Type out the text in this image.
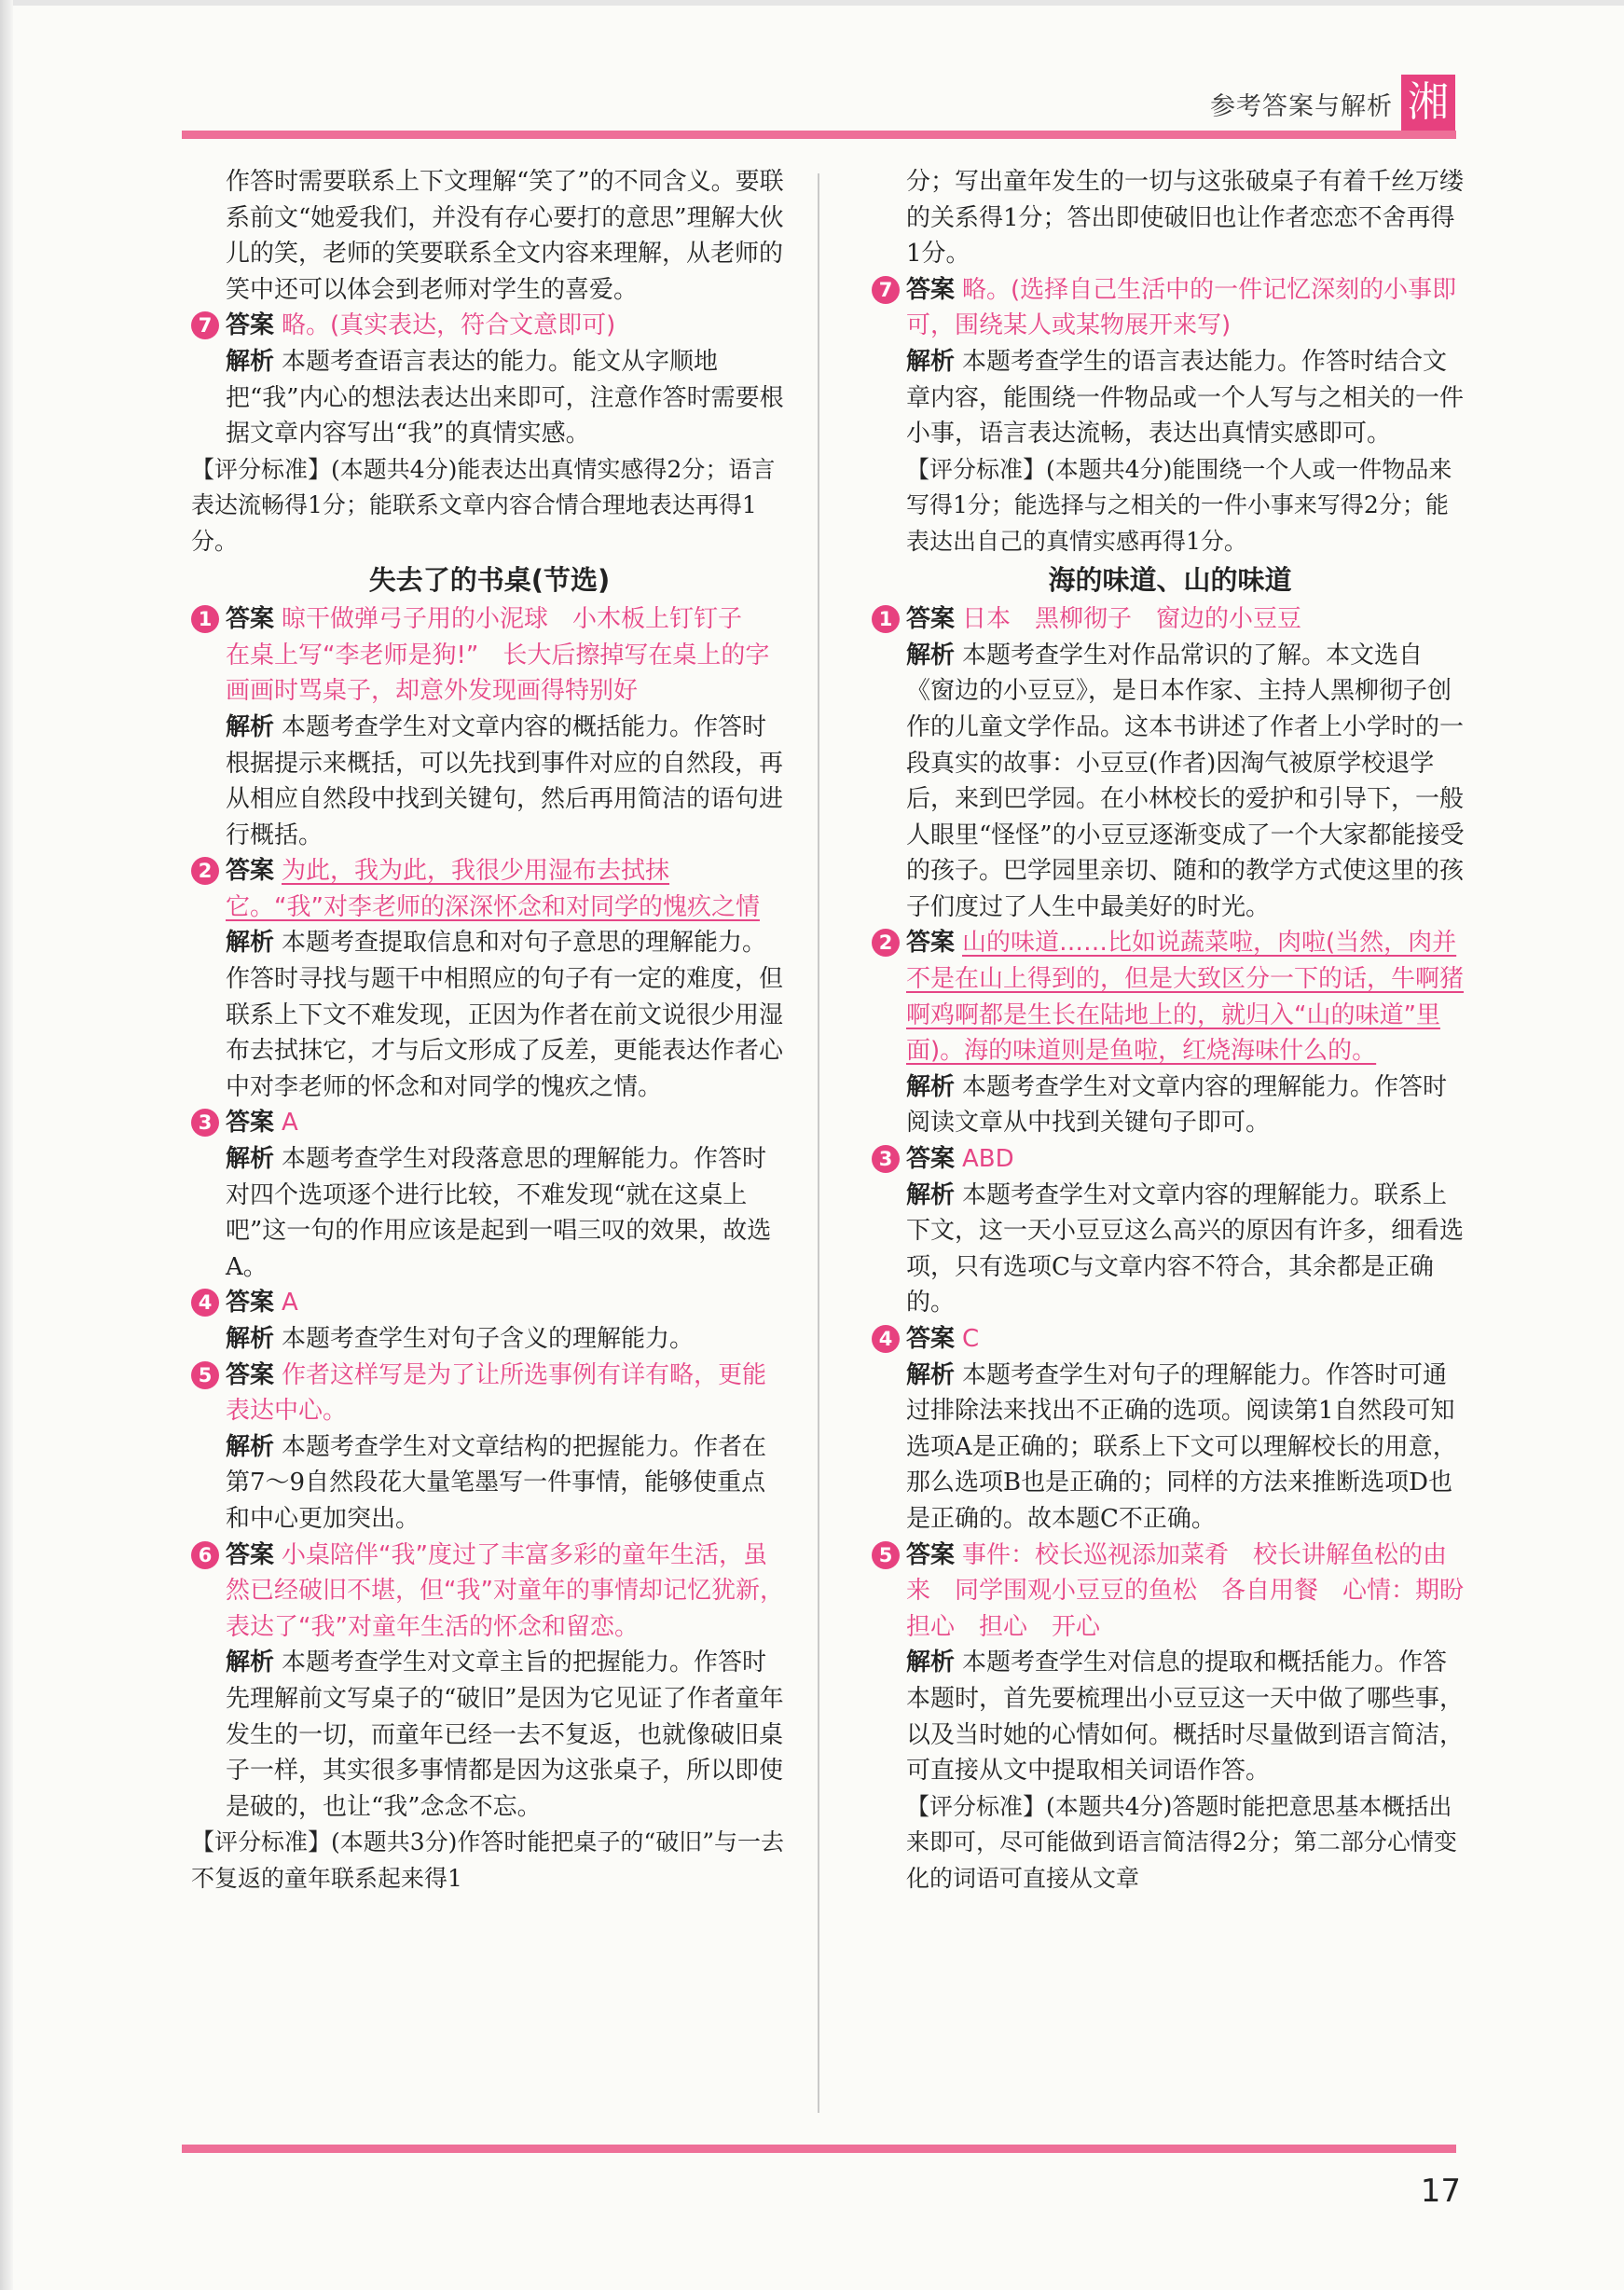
参考答案与解析 湘

作答时需要联系上下文理解“笑了”的不同含义。要联系前文“她爱我们，并没有存心要打的意思”理解大伙儿的笑，老师的笑要联系全文内容来理解，从老师的笑中还可以体会到老师对学生的喜爱。

7 答案 略。(真实表达，符合文意即可)

解析 本题考查语言表达的能力。能文从字顺地把“我”内心的想法表达出来即可，注意作答时需要根据文章内容写出“我”的真情实感。

【评分标准】(本题共4分)能表达出真情实感得2分；语言表达流畅得1分；能联系文章内容合情合理地表达再得1分。

失去了的书桌(节选)
1 答案 晾干做弹弓子用的小泥球　小木板上钉钉子　在桌上写“李老师是狗!”　长大后擦掉写在桌上的字　画画时骂桌子，却意外发现画得特别好

解析 本题考查学生对文章内容的概括能力。作答时根据提示来概括，可以先找到事件对应的自然段，再从相应自然段中找到关键句，然后再用简洁的语句进行概括。

2 答案 为此，我为此，我很少用湿布去拭抹它。“我”对李老师的深深怀念和对同学的愧疚之情

解析 本题考查提取信息和对句子意思的理解能力。作答时寻找与题干中相照应的句子有一定的难度，但联系上下文不难发现，正因为作者在前文说很少用湿布去拭抹它，才与后文形成了反差，更能表达作者心中对李老师的怀念和对同学的愧疚之情。

3 答案 A

解析 本题考查学生对段落意思的理解能力。作答时对四个选项逐个进行比较，不难发现“就在这桌上吧”这一句的作用应该是起到一唱三叹的效果，故选A。

4 答案 A

解析 本题考查学生对句子含义的理解能力。

5 答案 作者这样写是为了让所选事例有详有略，更能表达中心。

解析 本题考查学生对文章结构的把握能力。作者在第7～9自然段花大量笔墨写一件事情，能够使重点和中心更加突出。

6 答案 小桌陪伴“我”度过了丰富多彩的童年生活，虽然已经破旧不堪，但“我”对童年的事情却记忆犹新，表达了“我”对童年生活的怀念和留恋。

解析 本题考查学生对文章主旨的把握能力。作答时先理解前文写桌子的“破旧”是因为它见证了作者童年发生的一切，而童年已经一去不复返，也就像破旧桌子一样，其实很多事情都是因为这张桌子，所以即使是破的，也让“我”念念不忘。

【评分标准】(本题共3分)作答时能把桌子的“破旧”与一去不复返的童年联系起来得1

分；写出童年发生的一切与这张破桌子有着千丝万缕的关系得1分；答出即使破旧也让作者恋恋不舍再得1分。

7 答案 略。(选择自己生活中的一件记忆深刻的小事即可，围绕某人或某物展开来写)

解析 本题考查学生的语言表达能力。作答时结合文章内容，能围绕一件物品或一个人写与之相关的一件小事，语言表达流畅，表达出真情实感即可。

【评分标准】(本题共4分)能围绕一个人或一件物品来写得1分；能选择与之相关的一件小事来写得2分；能表达出自己的真情实感再得1分。

海的味道、山的味道
1 答案 日本　黑柳彻子　窗边的小豆豆

解析 本题考查学生对作品常识的了解。本文选自《窗边的小豆豆》，是日本作家、主持人黑柳彻子创作的儿童文学作品。这本书讲述了作者上小学时的一段真实的故事：小豆豆(作者)因淘气被原学校退学后，来到巴学园。在小林校长的爱护和引导下，一般人眼里“怪怪”的小豆豆逐渐变成了一个大家都能接受的孩子。巴学园里亲切、随和的教学方式使这里的孩子们度过了人生中最美好的时光。

2 答案 山的味道……比如说蔬菜啦，肉啦(当然，肉并不是在山上得到的，但是大致区分一下的话，牛啊猪啊鸡啊都是生长在陆地上的，就归入“山的味道”里面)。海的味道则是鱼啦，红烧海味什么的。

解析 本题考查学生对文章内容的理解能力。作答时阅读文章从中找到关键句子即可。

3 答案 ABD

解析 本题考查学生对文章内容的理解能力。联系上下文，这一天小豆豆这么高兴的原因有许多，细看选项，只有选项C与文章内容不符合，其余都是正确的。

4 答案 C

解析 本题考查学生对句子的理解能力。作答时可通过排除法来找出不正确的选项。阅读第1自然段可知选项A是正确的；联系上下文可以理解校长的用意，那么选项B也是正确的；同样的方法来推断选项D也是正确的。故本题C不正确。

5 答案 事件：校长巡视添加菜肴　校长讲解鱼松的由来　同学围观小豆豆的鱼松　各自用餐　心情：期盼　担心　担心　开心

解析 本题考查学生对信息的提取和概括能力。作答本题时，首先要梳理出小豆豆这一天中做了哪些事，以及当时她的心情如何。概括时尽量做到语言简洁，可直接从文中提取相关词语作答。

【评分标准】(本题共4分)答题时能把意思基本概括出来即可，尽可能做到语言简洁得2分；第二部分心情变化的词语可直接从文章

17
